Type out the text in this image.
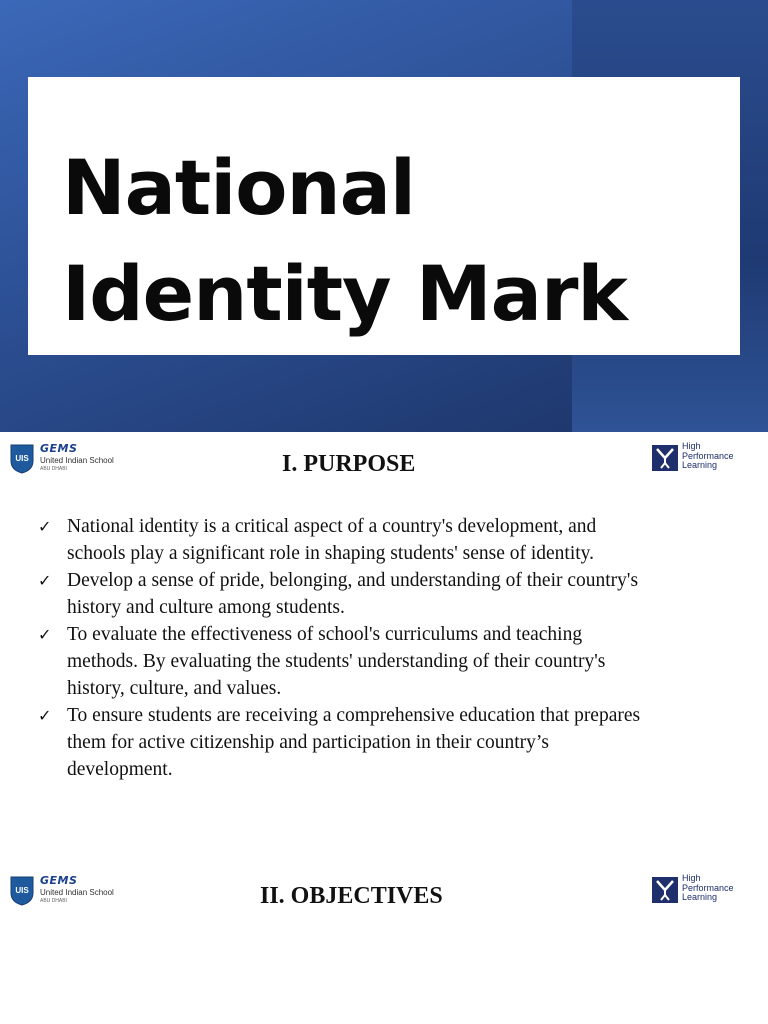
National
Identity Mark
UIS
GEMS
United Indian School
ABU DHABI	I. PURPOSE
High
Performance
Learning
✓ National identity is a critical aspect of a country's development, and
schools play a significant role in shaping students' sense of identity.
✓ Develop a sense of pride, belonging, and understanding of their country's
history and culture among students.
✓ To evaluate the effectiveness of school's curriculums and teaching
methods. By evaluating the students' understanding of their country's
history, culture, and values.
✓ To ensure students are receiving a comprehensive education that prepares
them for active citizenship and participation in their country’s
development.
UIS
GEMS
United Indian School
ABU DHABI	II. OBJECTIVES
High
Performance
Learning
